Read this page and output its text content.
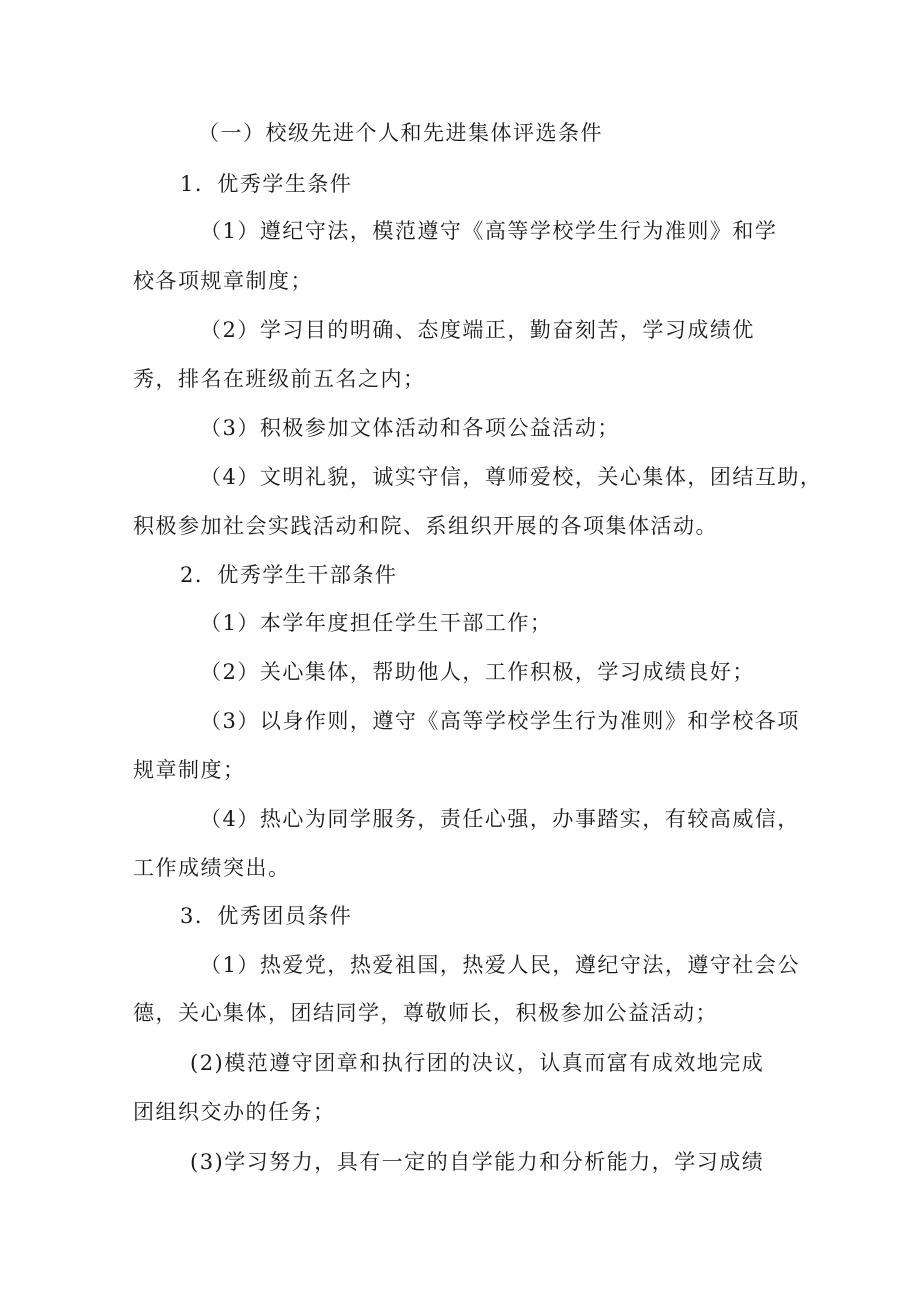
（一）校级先进个人和先进集体评选条件
1．优秀学生条件
（1）遵纪守法，模范遵守《高等学校学生行为准则》和学
校各项规章制度；
（2）学习目的明确、态度端正，勤奋刻苦，学习成绩优
秀，排名在班级前五名之内；
（3）积极参加文体活动和各项公益活动；
（4）文明礼貌，诚实守信，尊师爱校，关心集体，团结互助，
积极参加社会实践活动和院、系组织开展的各项集体活动。
2．优秀学生干部条件
（1）本学年度担任学生干部工作；
（2）关心集体，帮助他人，工作积极，学习成绩良好；
（3）以身作则，遵守《高等学校学生行为准则》和学校各项
规章制度；
（4）热心为同学服务，责任心强，办事踏实，有较高威信，
工作成绩突出。
3．优秀团员条件
（1）热爱党，热爱祖国，热爱人民，遵纪守法，遵守社会公
德，关心集体，团结同学，尊敬师长，积极参加公益活动；
(2)模范遵守团章和执行团的决议，认真而富有成效地完成
团组织交办的任务；
(3)学习努力，具有一定的自学能力和分析能力，学习成绩
